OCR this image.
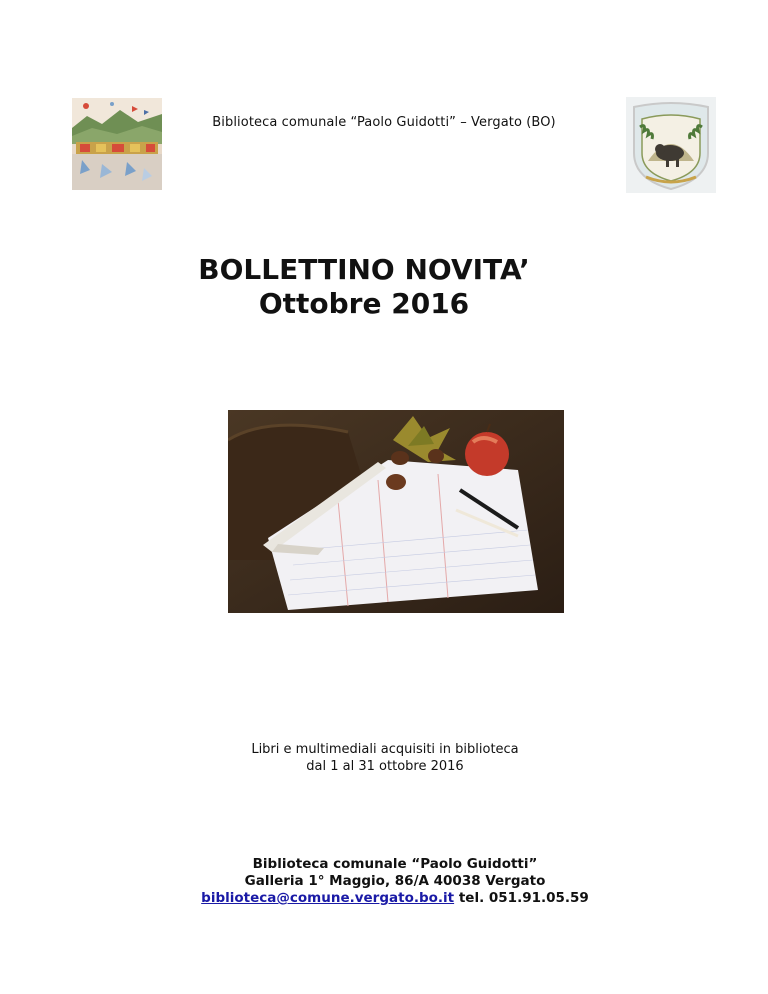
Biblioteca comunale “Paolo Guidotti” – Vergato (BO)
BOLLETTINO NOVITA’
Ottobre 2016
Libri e multimediali acquisiti in biblioteca
dal 1 al 31 ottobre 2016
Biblioteca comunale “Paolo Guidotti”
Galleria 1° Maggio, 86/A 40038 Vergato
biblioteca@comune.vergato.bo.it tel. 051.91.05.59
